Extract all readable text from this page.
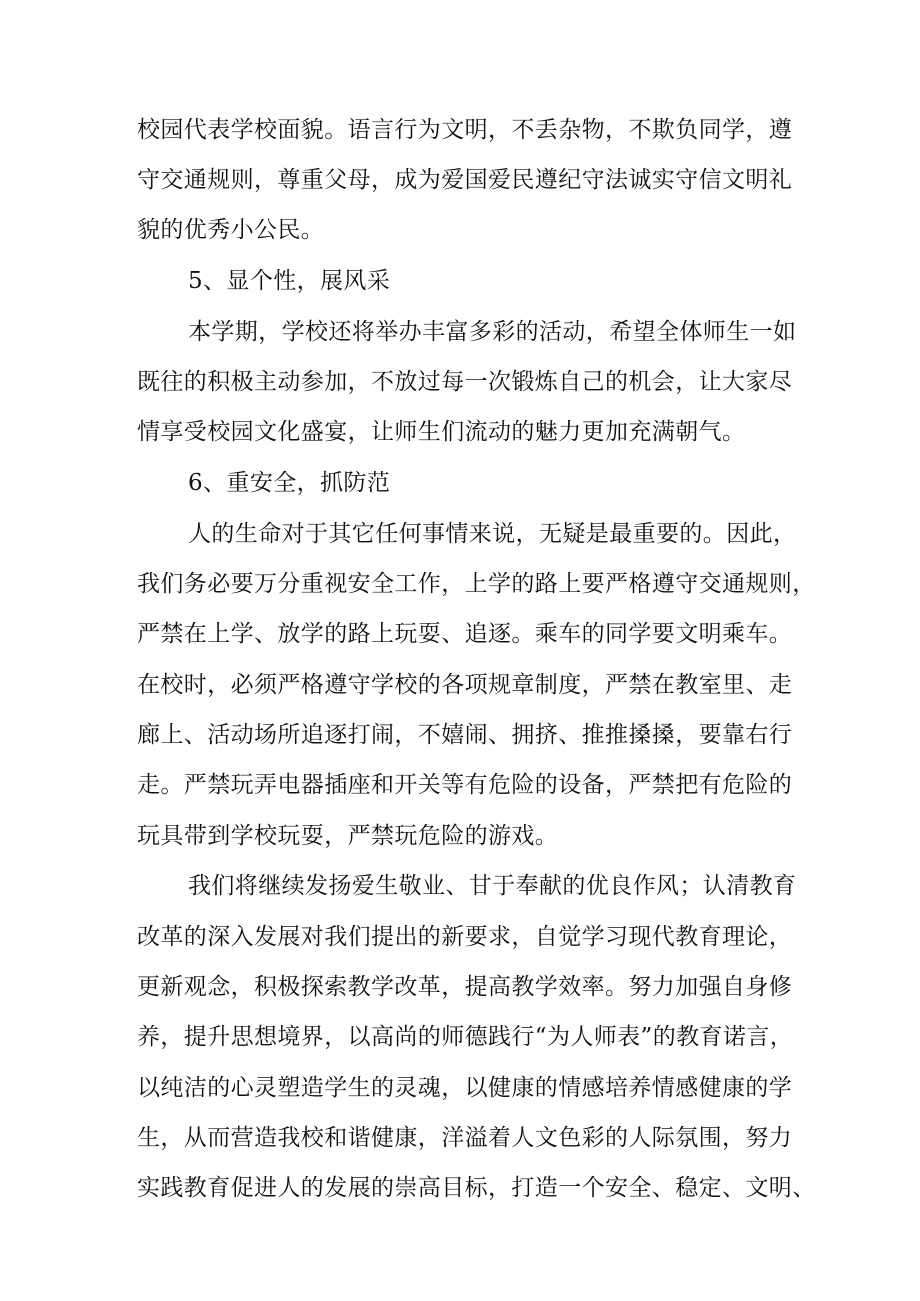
校园代表学校面貌。语言行为文明，不丢杂物，不欺负同学，遵
守交通规则，尊重父母，成为爱国爱民遵纪守法诚实守信文明礼
貌的优秀小公民。
5、显个性，展风采
本学期，学校还将举办丰富多彩的活动，希望全体师生一如
既往的积极主动参加，不放过每一次锻炼自己的机会，让大家尽
情享受校园文化盛宴，让师生们流动的魅力更加充满朝气。
6、重安全，抓防范
人的生命对于其它任何事情来说，无疑是最重要的。因此，
我们务必要万分重视安全工作，上学的路上要严格遵守交通规则，
严禁在上学、放学的路上玩耍、追逐。乘车的同学要文明乘车。
在校时，必须严格遵守学校的各项规章制度，严禁在教室里、走
廊上、活动场所追逐打闹，不嬉闹、拥挤、推推搡搡，要靠右行
走。严禁玩弄电器插座和开关等有危险的设备，严禁把有危险的
玩具带到学校玩耍，严禁玩危险的游戏。
我们将继续发扬爱生敬业、甘于奉献的优良作风；认清教育
改革的深入发展对我们提出的新要求，自觉学习现代教育理论，
更新观念，积极探索教学改革，提高教学效率。努力加强自身修
养，提升思想境界，以高尚的师德践行“为人师表”的教育诺言，
以纯洁的心灵塑造学生的灵魂，以健康的情感培养情感健康的学
生，从而营造我校和谐健康，洋溢着人文色彩的人际氛围，努力
实践教育促进人的发展的崇高目标，打造一个安全、稳定、文明、
